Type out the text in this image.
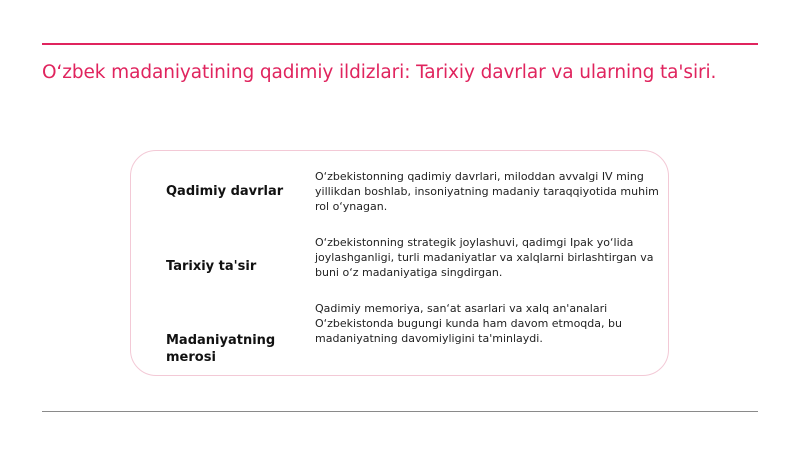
O‘zbek madaniyatining qadimiy ildizlari: Tarixiy davrlar va ularning ta'siri.
Qadimiy davrlar
O‘zbekistonning qadimiy davrlari, miloddan avvalgi IV ming yillikdan boshlab, insoniyatning madaniy taraqqiyotida muhim rol o‘ynagan.
Tarixiy ta'sir
O‘zbekistonning strategik joylashuvi, qadimgi Ipak yo‘lida joylashganligi, turli madaniyatlar va xalqlarni birlashtirgan va buni o‘z madaniyatiga singdirgan.
Madaniyatning merosi
Qadimiy memoriya, san‘at asarlari va xalq an'analari O‘zbekistonda bugungi kunda ham davom etmoqda, bu madaniyatning davomiyligini ta'minlaydi.
